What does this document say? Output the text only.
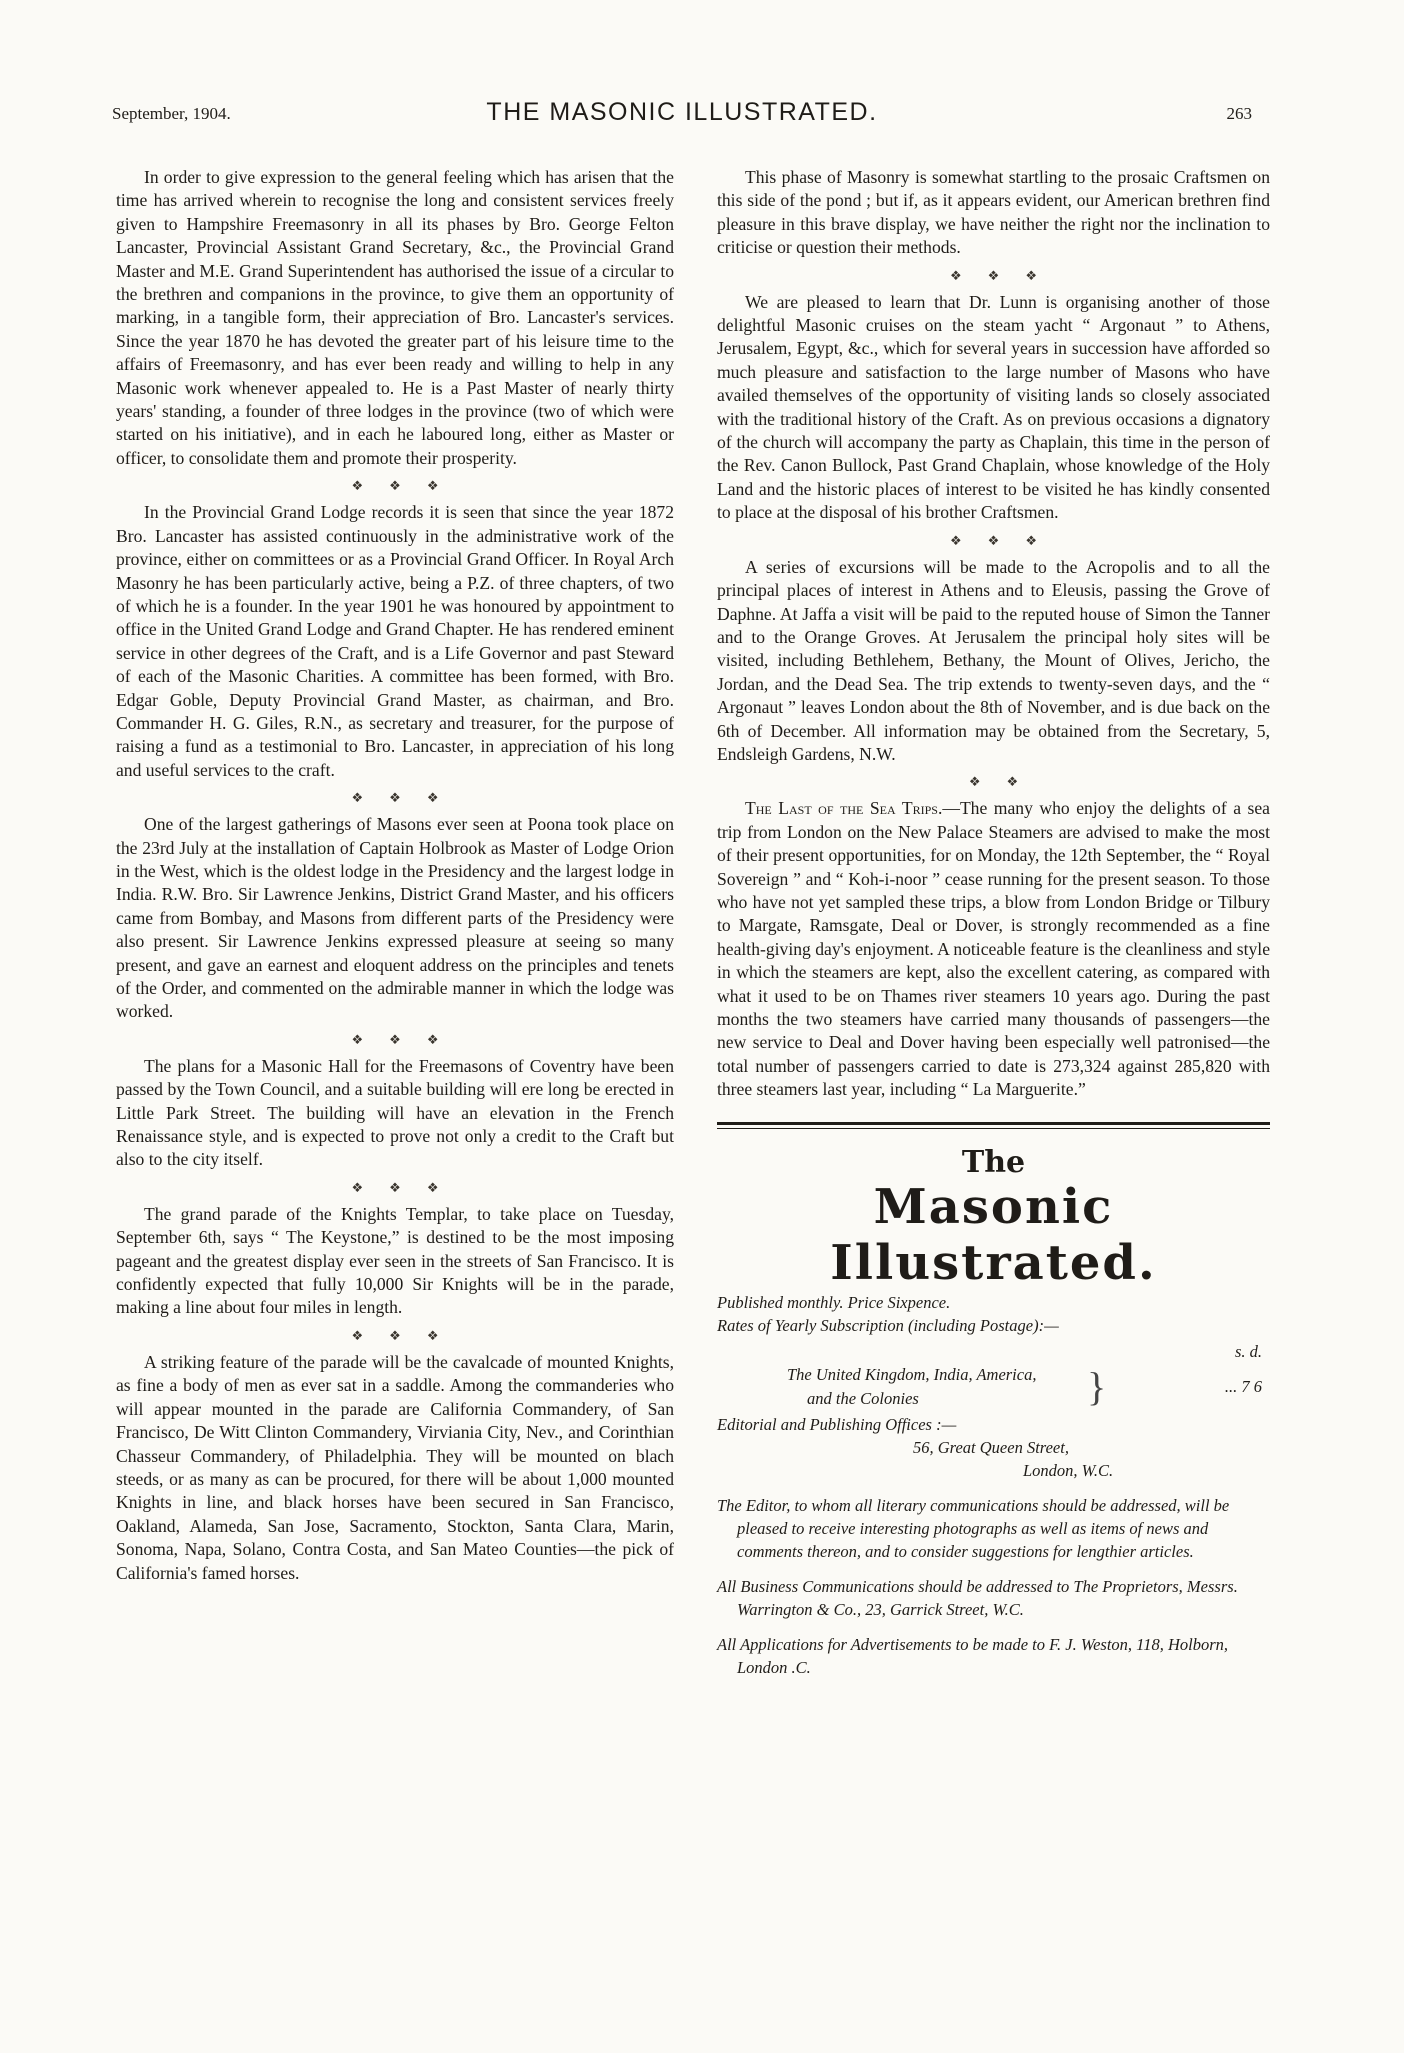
September, 1904.	THE MASONIC ILLUSTRATED.	263

In order to give expression to the general feeling which has arisen that the time has arrived wherein to recognise the long and consistent services freely given to Hampshire Freemasonry in all its phases by Bro. George Felton Lancaster, Provincial Assistant Grand Secretary, &c., the Provincial Grand Master and M.E. Grand Superintendent has authorised the issue of a circular to the brethren and companions in the province, to give them an opportunity of marking, in a tangible form, their appreciation of Bro. Lancaster's services. Since the year 1870 he has devoted the greater part of his leisure time to the affairs of Freemasonry, and has ever been ready and willing to help in any Masonic work whenever appealed to. He is a Past Master of nearly thirty years' standing, a founder of three lodges in the province (two of which were started on his initiative), and in each he laboured long, either as Master or officer, to consolidate them and promote their prosperity.

❖❖❖

In the Provincial Grand Lodge records it is seen that since the year 1872 Bro. Lancaster has assisted continuously in the administrative work of the province, either on committees or as a Provincial Grand Officer. In Royal Arch Masonry he has been particularly active, being a P.Z. of three chapters, of two of which he is a founder. In the year 1901 he was honoured by appointment to office in the United Grand Lodge and Grand Chapter. He has rendered eminent service in other degrees of the Craft, and is a Life Governor and past Steward of each of the Masonic Charities. A committee has been formed, with Bro. Edgar Goble, Deputy Provincial Grand Master, as chairman, and Bro. Commander H. G. Giles, R.N., as secretary and treasurer, for the purpose of raising a fund as a testimonial to Bro. Lancaster, in appreciation of his long and useful services to the craft.

❖❖❖

One of the largest gatherings of Masons ever seen at Poona took place on the 23rd July at the installation of Captain Holbrook as Master of Lodge Orion in the West, which is the oldest lodge in the Presidency and the largest lodge in India. R.W. Bro. Sir Lawrence Jenkins, District Grand Master, and his officers came from Bombay, and Masons from different parts of the Presidency were also present. Sir Lawrence Jenkins expressed pleasure at seeing so many present, and gave an earnest and eloquent address on the principles and tenets of the Order, and commented on the admirable manner in which the lodge was worked.

❖❖❖

The plans for a Masonic Hall for the Freemasons of Coventry have been passed by the Town Council, and a suitable building will ere long be erected in Little Park Street. The building will have an elevation in the French Renaissance style, and is expected to prove not only a credit to the Craft but also to the city itself.

❖❖❖

The grand parade of the Knights Templar, to take place on Tuesday, September 6th, says “ The Keystone,” is destined to be the most imposing pageant and the greatest display ever seen in the streets of San Francisco. It is confidently expected that fully 10,000 Sir Knights will be in the parade, making a line about four miles in length.

❖❖❖

A striking feature of the parade will be the cavalcade of mounted Knights, as fine a body of men as ever sat in a saddle. Among the commanderies who will appear mounted in the parade are California Commandery, of San Francisco, De Witt Clinton Commandery, Virviania City, Nev., and Corinthian Chasseur Commandery, of Philadelphia. They will be mounted on blach steeds, or as many as can be procured, for there will be about 1,000 mounted Knights in line, and black horses have been secured in San Francisco, Oakland, Alameda, San Jose, Sacramento, Stockton, Santa Clara, Marin, Sonoma, Napa, Solano, Contra Costa, and San Mateo Counties—the pick of California's famed horses.

This phase of Masonry is somewhat startling to the prosaic Craftsmen on this side of the pond ; but if, as it appears evident, our American brethren find pleasure in this brave display, we have neither the right nor the inclination to criticise or question their methods.

❖❖❖

We are pleased to learn that Dr. Lunn is organising another of those delightful Masonic cruises on the steam yacht “ Argonaut ” to Athens, Jerusalem, Egypt, &c., which for several years in succession have afforded so much pleasure and satisfaction to the large number of Masons who have availed themselves of the opportunity of visiting lands so closely associated with the traditional history of the Craft. As on previous occasions a dignatory of the church will accompany the party as Chaplain, this time in the person of the Rev. Canon Bullock, Past Grand Chaplain, whose knowledge of the Holy Land and the historic places of interest to be visited he has kindly consented to place at the disposal of his brother Craftsmen.

❖❖❖

A series of excursions will be made to the Acropolis and to all the principal places of interest in Athens and to Eleusis, passing the Grove of Daphne. At Jaffa a visit will be paid to the reputed house of Simon the Tanner and to the Orange Groves. At Jerusalem the principal holy sites will be visited, including Bethlehem, Bethany, the Mount of Olives, Jericho, the Jordan, and the Dead Sea. The trip extends to twenty-seven days, and the “ Argonaut ” leaves London about the 8th of November, and is due back on the 6th of December. All information may be obtained from the Secretary, 5, Endsleigh Gardens, N.W.

❖❖

The Last of the Sea Trips.—The many who enjoy the delights of a sea trip from London on the New Palace Steamers are advised to make the most of their present opportunities, for on Monday, the 12th September, the “ Royal Sovereign ” and “ Koh-i-noor ” cease running for the present season. To those who have not yet sampled these trips, a blow from London Bridge or Tilbury to Margate, Ramsgate, Deal or Dover, is strongly recommended as a fine health-giving day's enjoyment. A noticeable feature is the cleanliness and style in which the steamers are kept, also the excellent catering, as compared with what it used to be on Thames river steamers 10 years ago. During the past months the two steamers have carried many thousands of passengers—the new service to Deal and Dover having been especially well patronised—the total number of passengers carried to date is 273,324 against 285,820 with three steamers last year, including “ La Marguerite.”

The
Masonic Illustrated.
Published monthly. Price Sixpence.
Rates of Yearly Subscription (including Postage):—
s. d.
The United Kingdom, India, America,
and the Colonies	}	... 7 6
Editorial and Publishing Offices :—
56, Great Queen Street,
London, W.C.
The Editor, to whom all literary communications should be addressed, will be pleased to receive interesting photographs as well as items of news and comments thereon, and to consider suggestions for lengthier articles.
All Business Communications should be addressed to The Proprietors, Messrs. Warrington & Co., 23, Garrick Street, W.C.
All Applications for Advertisements to be made to F. J. Weston, 118, Holborn, London .C.
